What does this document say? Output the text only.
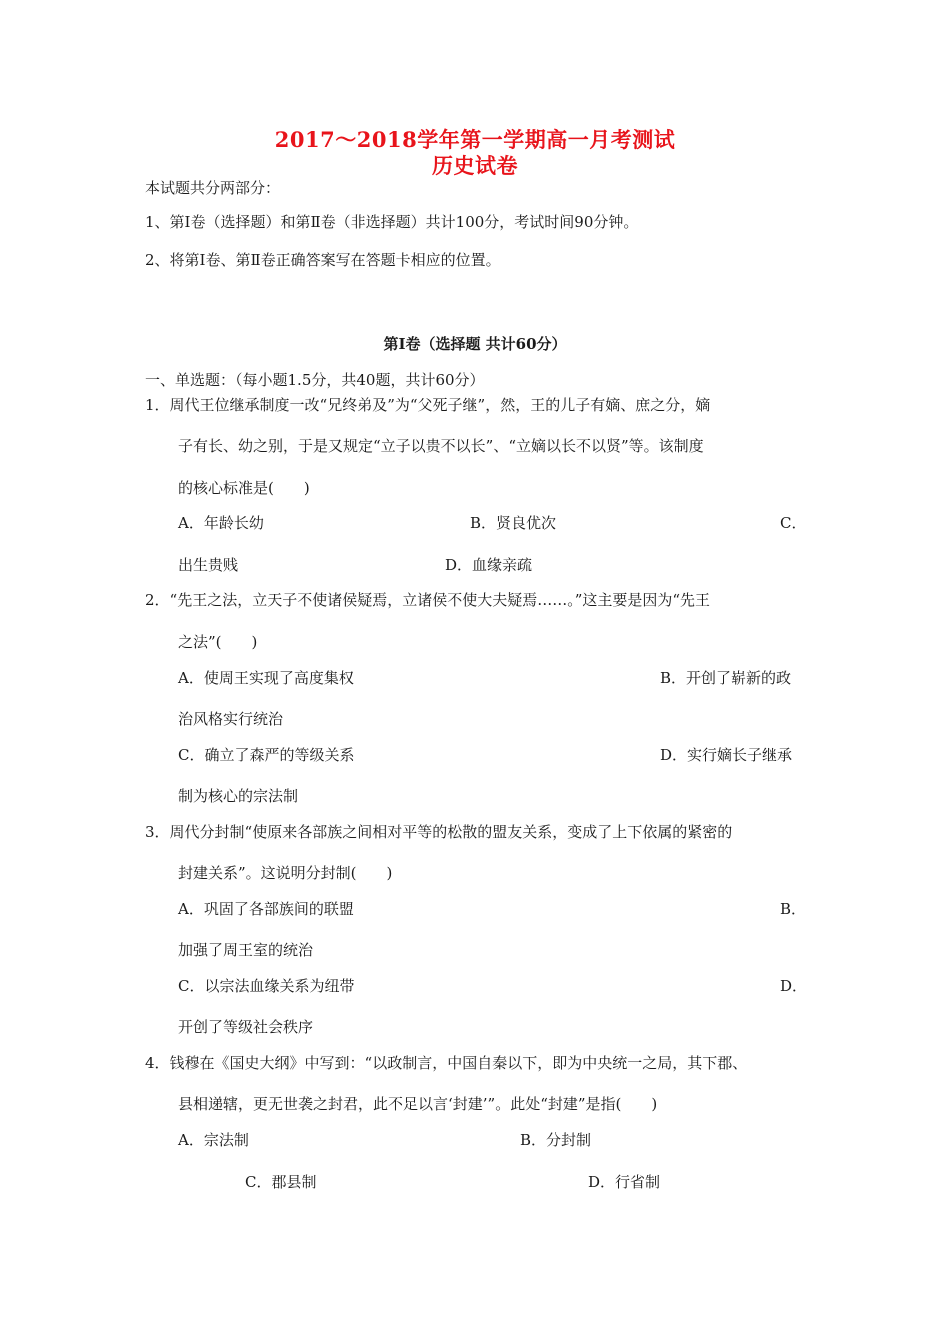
2017～2018学年第一学期高一月考测试
历史试卷
本试题共分两部分：
1、第Ⅰ卷（选择题）和第Ⅱ卷（非选择题）共计100分，考试时间90分钟。
2、将第Ⅰ卷、第Ⅱ卷正确答案写在答题卡相应的位置。
第Ⅰ卷（选择题 共计60分）
一、单选题：（每小题1.5分，共40题，共计60分）
1．周代王位继承制度一改“兄终弟及”为“父死子继”，然，王的儿子有嫡、庶之分，嫡
子有长、幼之别，于是又规定“立子以贵不以长”、“立嫡以长不以贤”等。该制度
的核心标准是(　　)
A．年龄长幼	B．贤良优次	C．
出生贵贱	D．血缘亲疏
2．“先王之法，立天子不使诸侯疑焉，立诸侯不使大夫疑焉……。”这主要是因为“先王
之法”(　　)
A．使周王实现了高度集权	B．开创了崭新的政
治风格实行统治
C．确立了森严的等级关系	D．实行嫡长子继承
制为核心的宗法制
3．周代分封制“使原来各部族之间相对平等的松散的盟友关系，变成了上下依属的紧密的
封建关系”。这说明分封制(　　)
A．巩固了各部族间的联盟	B．
加强了周王室的统治
C．以宗法血缘关系为纽带	D．
开创了等级社会秩序
4．钱穆在《国史大纲》中写到：“以政制言，中国自秦以下，即为中央统一之局，其下郡、
县相递辖，更无世袭之封君，此不足以言‘封建’”。此处“封建”是指(　　)
A．宗法制	B．分封制
C．郡县制	D．行省制
